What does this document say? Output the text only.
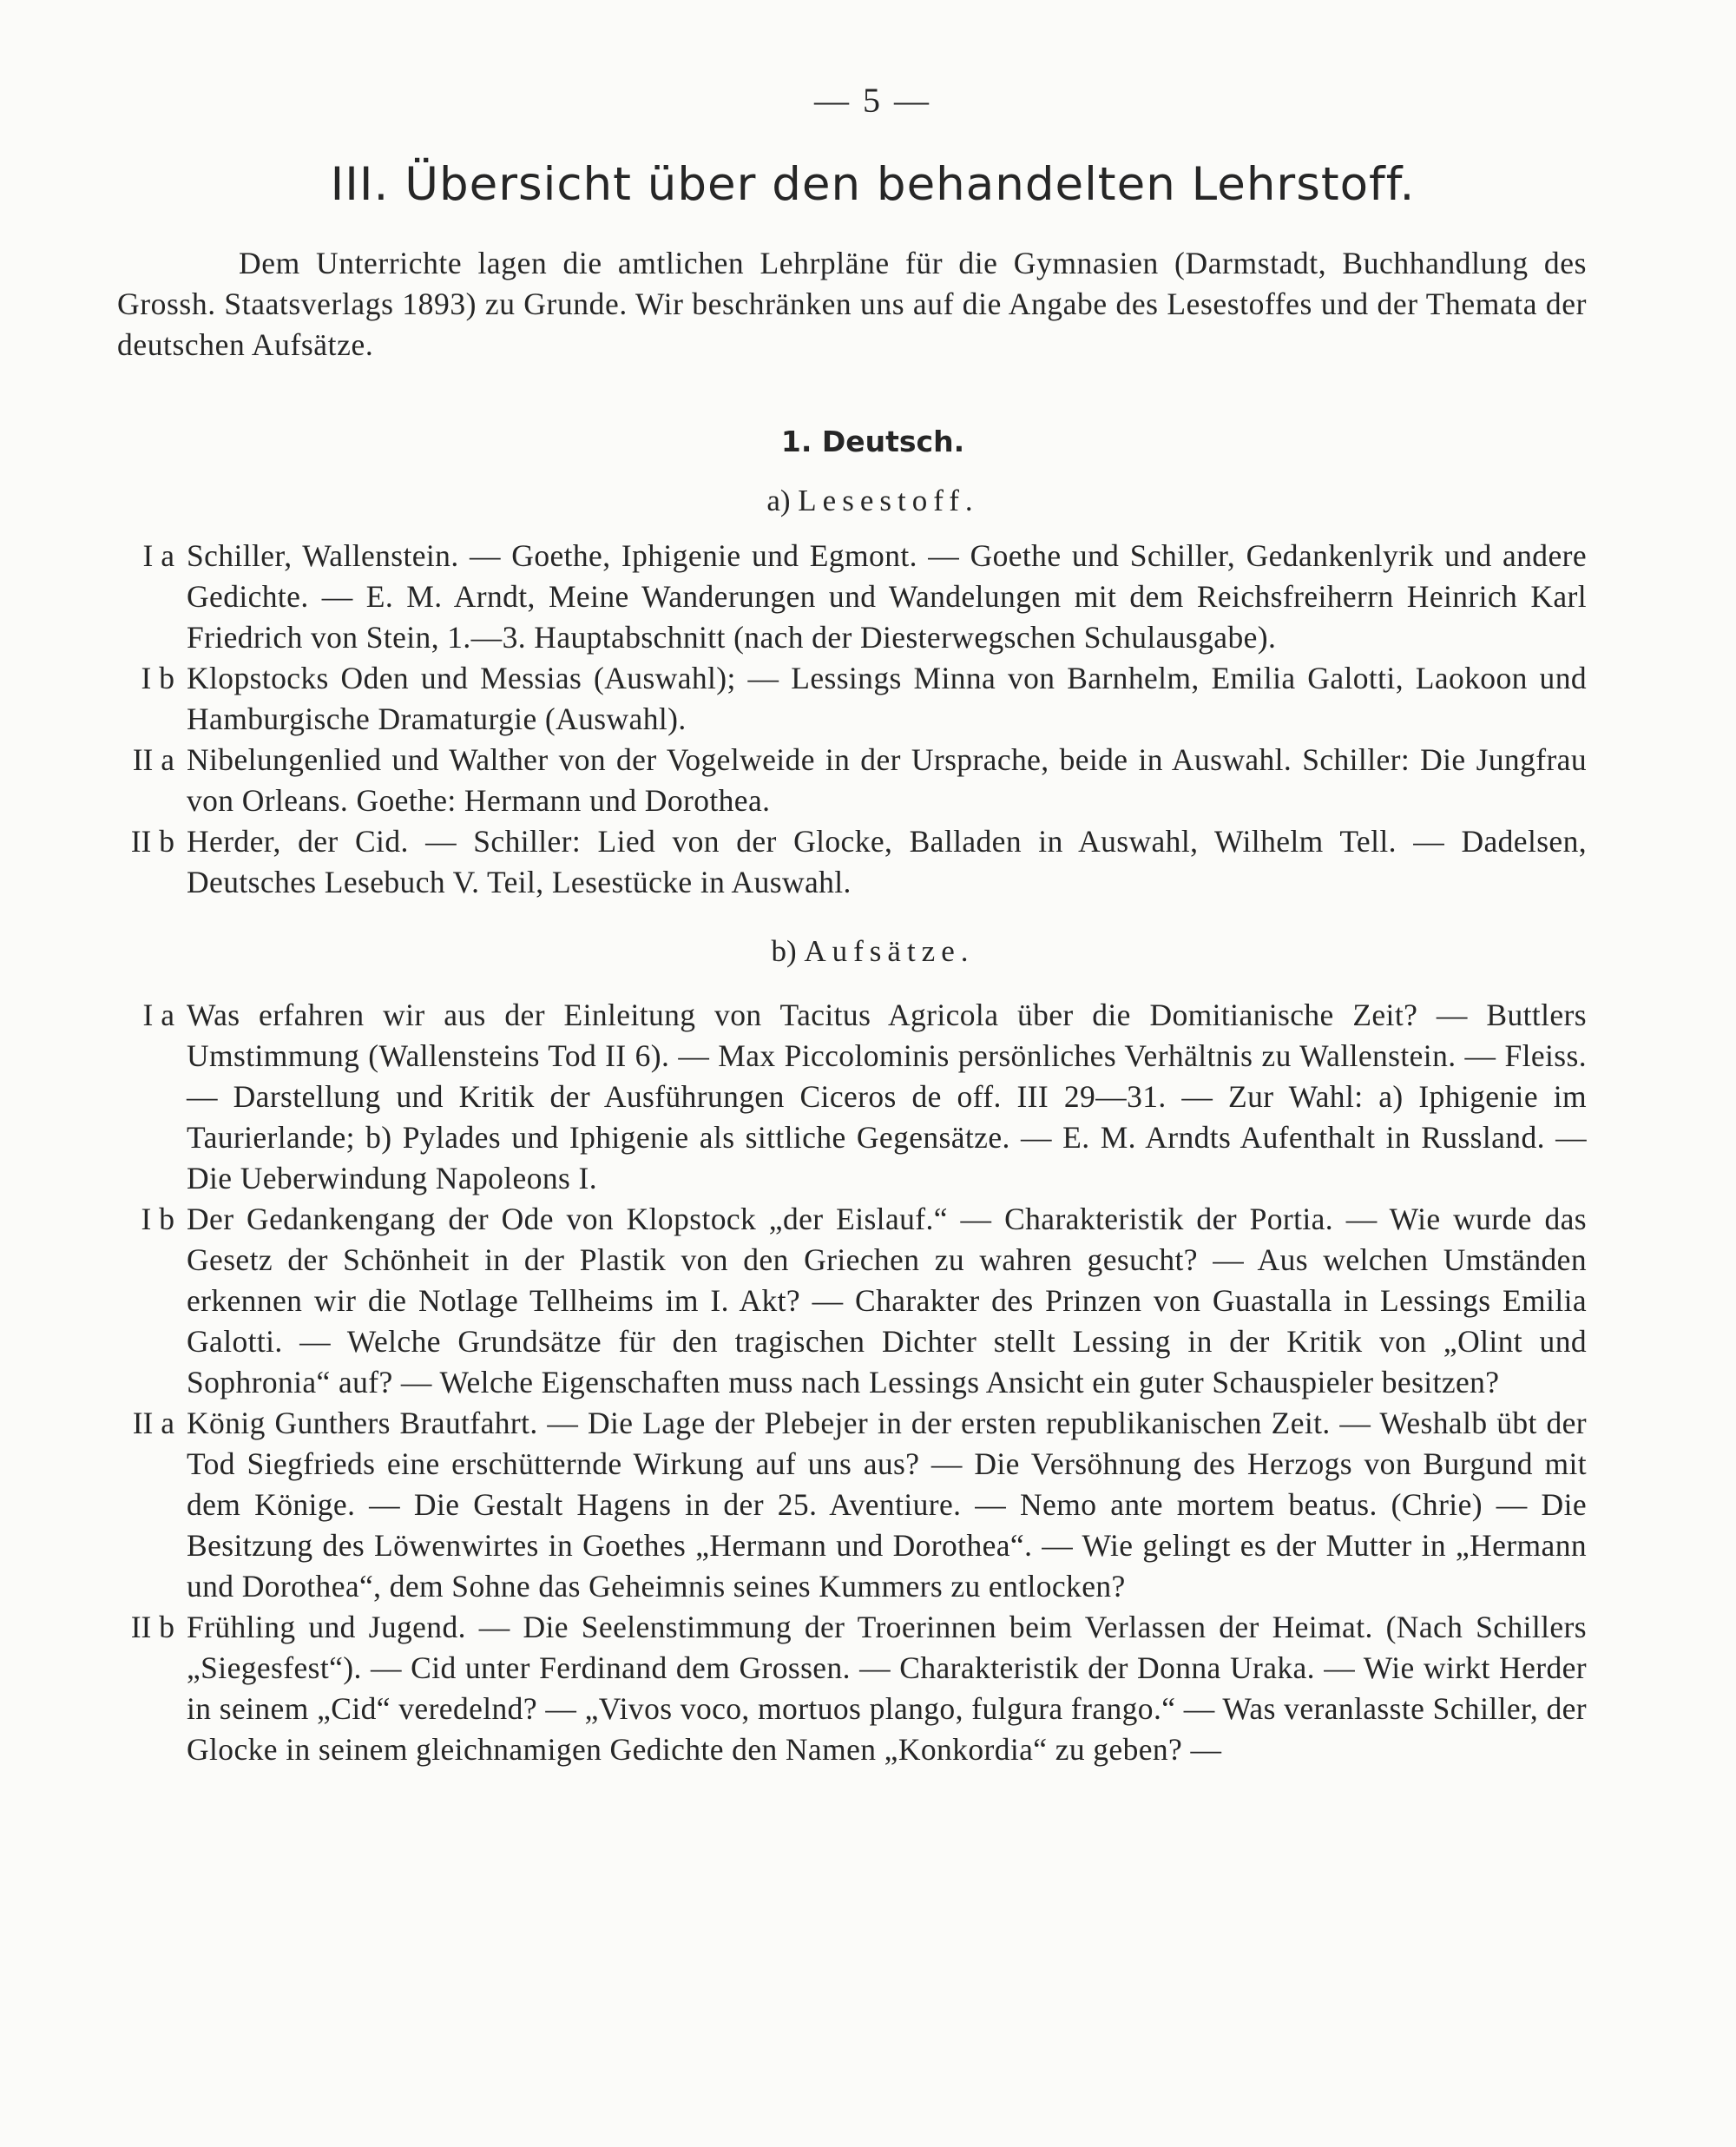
— 5 —
III. Übersicht über den behandelten Lehrstoff.

Dem Unterrichte lagen die amtlichen Lehrpläne für die Gymnasien (Darmstadt, Buchhandlung des Grossh. Staatsverlags 1893) zu Grunde. Wir beschränken uns auf die Angabe des Lesestoffes und der Themata der deutschen Aufsätze.

1. Deutsch.
a) Lesestoff.
I a Schiller, Wallenstein. — Goethe, Iphigenie und Egmont. — Goethe und Schiller, Gedankenlyrik und andere Gedichte. — E. M. Arndt, Meine Wanderungen und Wandelungen mit dem Reichsfreiherrn Heinrich Karl Friedrich von Stein, 1.—3. Hauptabschnitt (nach der Diesterwegschen Schulausgabe).
I b Klopstocks Oden und Messias (Auswahl); — Lessings Minna von Barnhelm, Emilia Galotti, Laokoon und Hamburgische Dramaturgie (Auswahl).
II a Nibelungenlied und Walther von der Vogelweide in der Ursprache, beide in Auswahl. Schiller: Die Jungfrau von Orleans. Goethe: Hermann und Dorothea.
II b Herder, der Cid. — Schiller: Lied von der Glocke, Balladen in Auswahl, Wilhelm Tell. — Dadelsen, Deutsches Lesebuch V. Teil, Lesestücke in Auswahl.
b) Aufsätze.
I a Was erfahren wir aus der Einleitung von Tacitus Agricola über die Domitianische Zeit? — Buttlers Umstimmung (Wallensteins Tod II 6). — Max Piccolominis persönliches Verhältnis zu Wallenstein. — Fleiss. — Darstellung und Kritik der Ausführungen Ciceros de off. III 29—31. — Zur Wahl: a) Iphigenie im Taurierlande; b) Pylades und Iphigenie als sittliche Gegensätze. — E. M. Arndts Aufenthalt in Russland. — Die Ueberwindung Napoleons I.
I b Der Gedankengang der Ode von Klopstock „der Eislauf.“ — Charakteristik der Portia. — Wie wurde das Gesetz der Schönheit in der Plastik von den Griechen zu wahren gesucht? — Aus welchen Umständen erkennen wir die Notlage Tellheims im I. Akt? — Charakter des Prinzen von Guastalla in Lessings Emilia Galotti. — Welche Grundsätze für den tragischen Dichter stellt Lessing in der Kritik von „Olint und Sophronia“ auf? — Welche Eigenschaften muss nach Lessings Ansicht ein guter Schauspieler besitzen?
II a König Gunthers Brautfahrt. — Die Lage der Plebejer in der ersten republikanischen Zeit. — Weshalb übt der Tod Siegfrieds eine erschütternde Wirkung auf uns aus? — Die Versöhnung des Herzogs von Burgund mit dem Könige. — Die Gestalt Hagens in der 25. Aventiure. — Nemo ante mortem beatus. (Chrie) — Die Besitzung des Löwenwirtes in Goethes „Hermann und Dorothea“. — Wie gelingt es der Mutter in „Hermann und Dorothea“, dem Sohne das Geheimnis seines Kummers zu entlocken?
II b Frühling und Jugend. — Die Seelenstimmung der Troerinnen beim Verlassen der Heimat. (Nach Schillers „Siegesfest“). — Cid unter Ferdinand dem Grossen. — Charakteristik der Donna Uraka. — Wie wirkt Herder in seinem „Cid“ veredelnd? — „Vivos voco, mortuos plango, fulgura frango.“ — Was veranlasste Schiller, der Glocke in seinem gleichnamigen Gedichte den Namen „Konkordia“ zu geben? —
